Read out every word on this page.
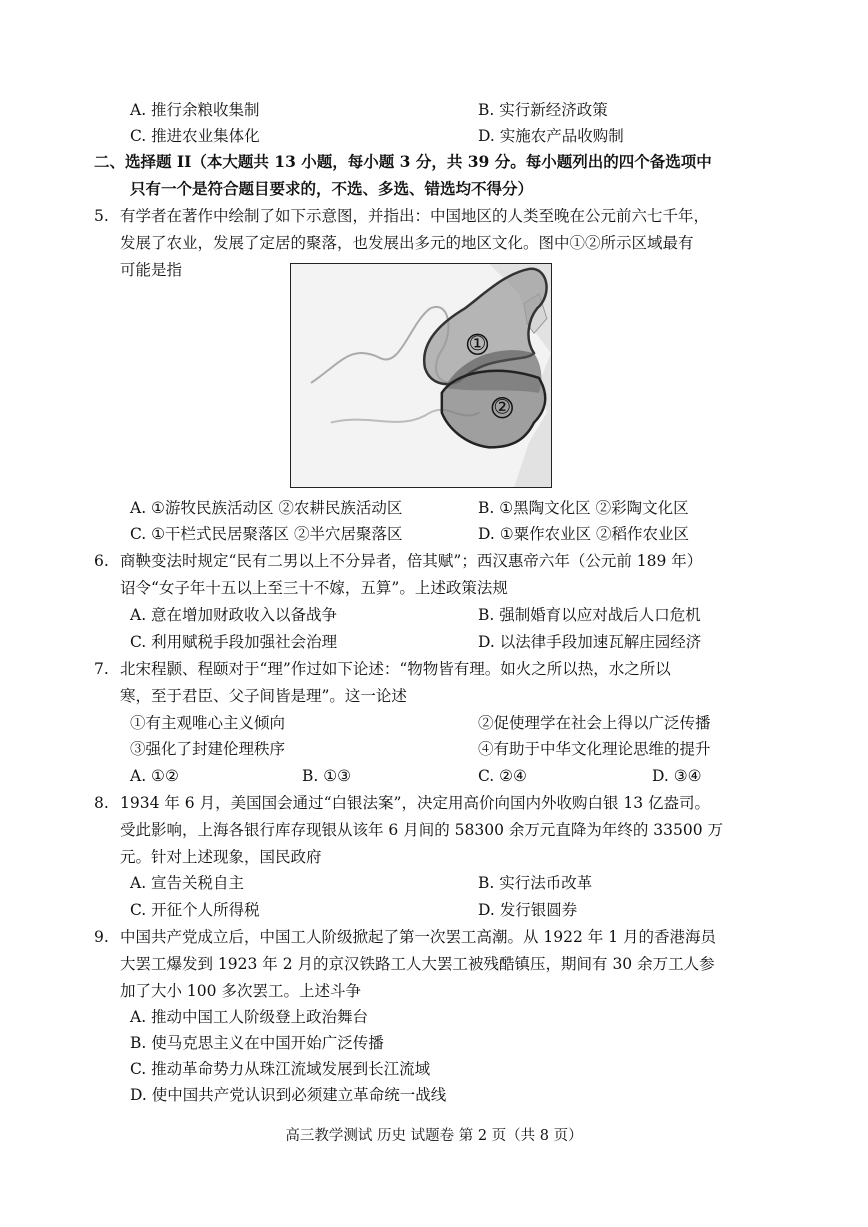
A. 推行余粮收集制	B. 实行新经济政策
C. 推进农业集体化	D. 实施农产品收购制
二、选择题 II（本大题共 13 小题，每小题 3 分，共 39 分。每小题列出的四个备选项中
只有一个是符合题目要求的，不选、多选、错选均不得分）
5. 有学者在著作中绘制了如下示意图，并指出：中国地区的人类至晚在公元前六七千年，
发展了农业，发展了定居的聚落，也发展出多元的地区文化。图中①②所示区域最有
可能是指
①
②
A. ①游牧民族活动区 ②农耕民族活动区	B. ①黑陶文化区 ②彩陶文化区
C. ①干栏式民居聚落区 ②半穴居聚落区	D. ①粟作农业区 ②稻作农业区
6. 商鞅变法时规定“民有二男以上不分异者，倍其赋”；西汉惠帝六年（公元前 189 年）
诏令“女子年十五以上至三十不嫁，五算”。上述政策法规
A. 意在增加财政收入以备战争	B. 强制婚育以应对战后人口危机
C. 利用赋税手段加强社会治理	D. 以法律手段加速瓦解庄园经济
7. 北宋程颢、程颐对于“理”作过如下论述：“物物皆有理。如火之所以热，水之所以
寒，至于君臣、父子间皆是理”。这一论述
①有主观唯心主义倾向	②促使理学在社会上得以广泛传播
③强化了封建伦理秩序	④有助于中华文化理论思维的提升
A. ①②	B. ①③	C. ②④	D. ③④
8. 1934 年 6 月，美国国会通过“白银法案”，决定用高价向国内外收购白银 13 亿盎司。
受此影响，上海各银行库存现银从该年 6 月间的 58300 余万元直降为年终的 33500 万
元。针对上述现象，国民政府
A. 宣告关税自主	B. 实行法币改革
C. 开征个人所得税	D. 发行银圆券
9. 中国共产党成立后，中国工人阶级掀起了第一次罢工高潮。从 1922 年 1 月的香港海员
大罢工爆发到 1923 年 2 月的京汉铁路工人大罢工被残酷镇压，期间有 30 余万工人参
加了大小 100 多次罢工。上述斗争
A. 推动中国工人阶级登上政治舞台
B. 使马克思主义在中国开始广泛传播
C. 推动革命势力从珠江流域发展到长江流域
D. 使中国共产党认识到必须建立革命统一战线
高三教学测试 历史 试题卷 第 2 页（共 8 页）
